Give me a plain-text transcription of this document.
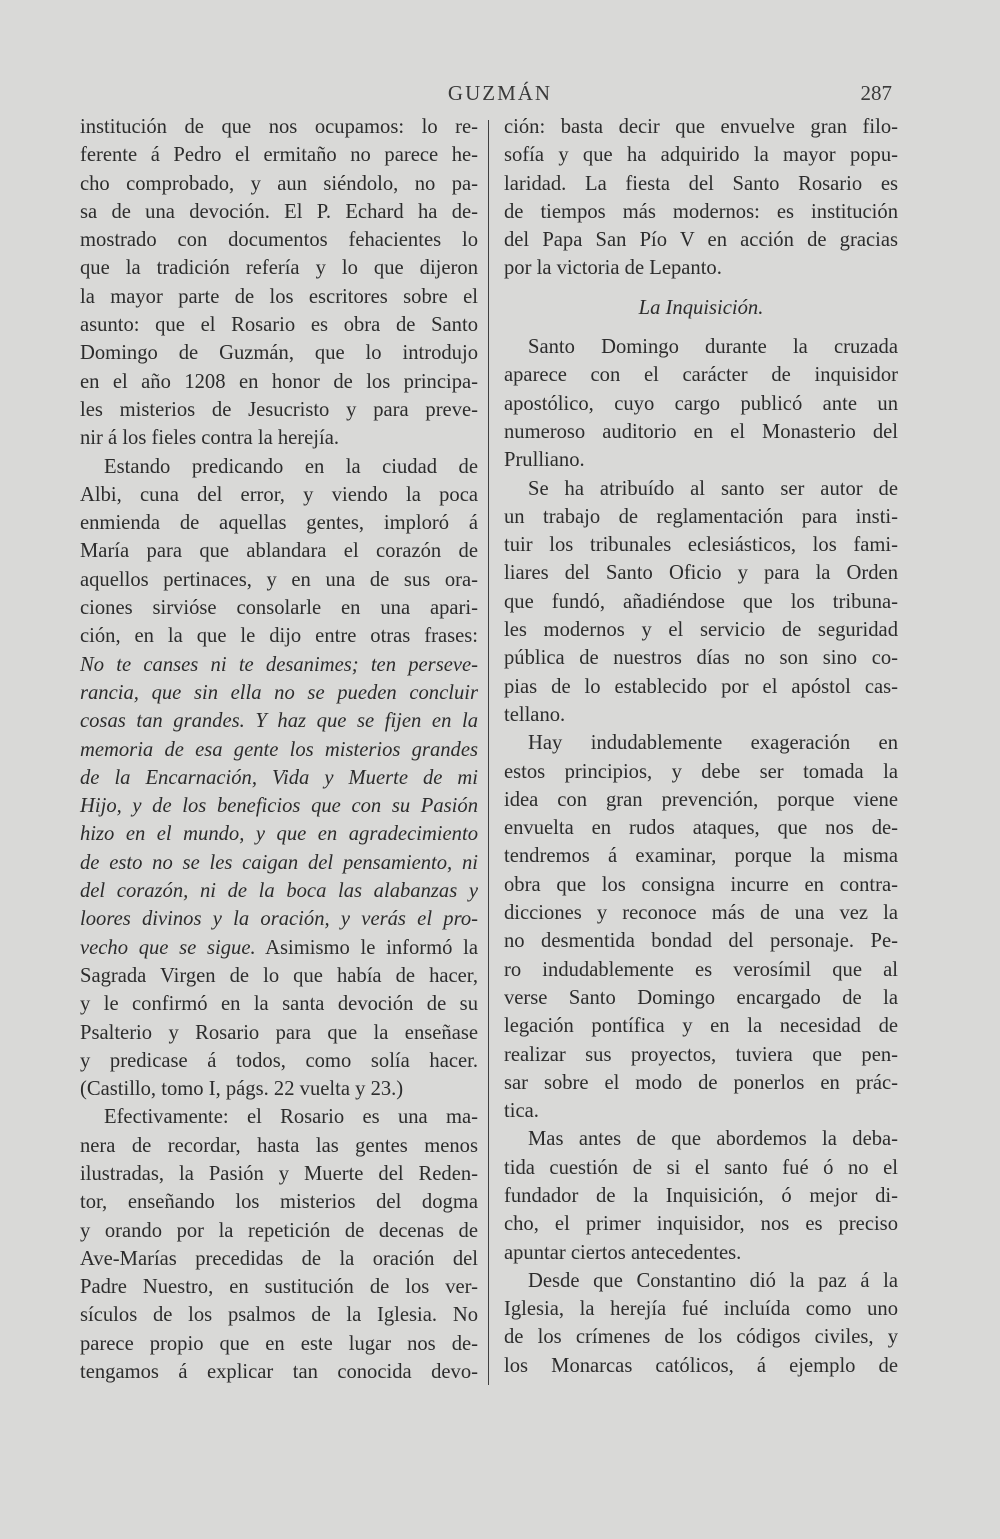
GUZMÁN	287
institución de que nos ocupamos: lo re-
ferente á Pedro el ermitaño no parece he-
cho comprobado, y aun siéndolo, no pa-
sa de una devoción. El P. Echard ha de-
mostrado con documentos fehacientes lo
que la tradición refería y lo que dijeron
la mayor parte de los escritores sobre el
asunto: que el Rosario es obra de Santo
Domingo de Guzmán, que lo introdujo
en el año 1208 en honor de los principa-
les misterios de Jesucristo y para preve-
nir á los fieles contra la herejía.
Estando predicando en la ciudad de
Albi, cuna del error, y viendo la poca
enmienda de aquellas gentes, imploró á
María para que ablandara el corazón de
aquellos pertinaces, y en una de sus ora-
ciones sirvióse consolarle en una apari-
ción, en la que le dijo entre otras frases:
No te canses ni te desanimes; ten perseve-
rancia, que sin ella no se pueden concluir
cosas tan grandes. Y haz que se fijen en la
memoria de esa gente los misterios grandes
de la Encarnación, Vida y Muerte de mi
Hijo, y de los beneficios que con su Pasión
hizo en el mundo, y que en agradecimiento
de esto no se les caigan del pensamiento, ni
del corazón, ni de la boca las alabanzas y
loores divinos y la oración, y verás el pro-
vecho que se sigue. Asimismo le informó la
Sagrada Virgen de lo que había de hacer,
y le confirmó en la santa devoción de su
Psalterio y Rosario para que la enseñase
y predicase á todos, como solía hacer.
(Castillo, tomo I, págs. 22 vuelta y 23.)
Efectivamente: el Rosario es una ma-
nera de recordar, hasta las gentes menos
ilustradas, la Pasión y Muerte del Reden-
tor, enseñando los misterios del dogma
y orando por la repetición de decenas de
Ave-Marías precedidas de la oración del
Padre Nuestro, en sustitución de los ver-
sículos de los psalmos de la Iglesia. No
parece propio que en este lugar nos de-
tengamos á explicar tan conocida devo-
ción: basta decir que envuelve gran filo-
sofía y que ha adquirido la mayor popu-
laridad. La fiesta del Santo Rosario es
de tiempos más modernos: es institución
del Papa San Pío V en acción de gracias
por la victoria de Lepanto.
La Inquisición.
Santo Domingo durante la cruzada
aparece con el carácter de inquisidor
apostólico, cuyo cargo publicó ante un
numeroso auditorio en el Monasterio del
Prulliano.
Se ha atribuído al santo ser autor de
un trabajo de reglamentación para insti-
tuir los tribunales eclesiásticos, los fami-
liares del Santo Oficio y para la Orden
que fundó, añadiéndose que los tribuna-
les modernos y el servicio de seguridad
pública de nuestros días no son sino co-
pias de lo establecido por el apóstol cas-
tellano.
Hay indudablemente exageración en
estos principios, y debe ser tomada la
idea con gran prevención, porque viene
envuelta en rudos ataques, que nos de-
tendremos á examinar, porque la misma
obra que los consigna incurre en contra-
dicciones y reconoce más de una vez la
no desmentida bondad del personaje. Pe-
ro indudablemente es verosímil que al
verse Santo Domingo encargado de la
legación pontífica y en la necesidad de
realizar sus proyectos, tuviera que pen-
sar sobre el modo de ponerlos en prác-
tica.
Mas antes de que abordemos la deba-
tida cuestión de si el santo fué ó no el
fundador de la Inquisición, ó mejor di-
cho, el primer inquisidor, nos es preciso
apuntar ciertos antecedentes.
Desde que Constantino dió la paz á la
Iglesia, la herejía fué incluída como uno
de los crímenes de los códigos civiles, y
los Monarcas católicos, á ejemplo de
